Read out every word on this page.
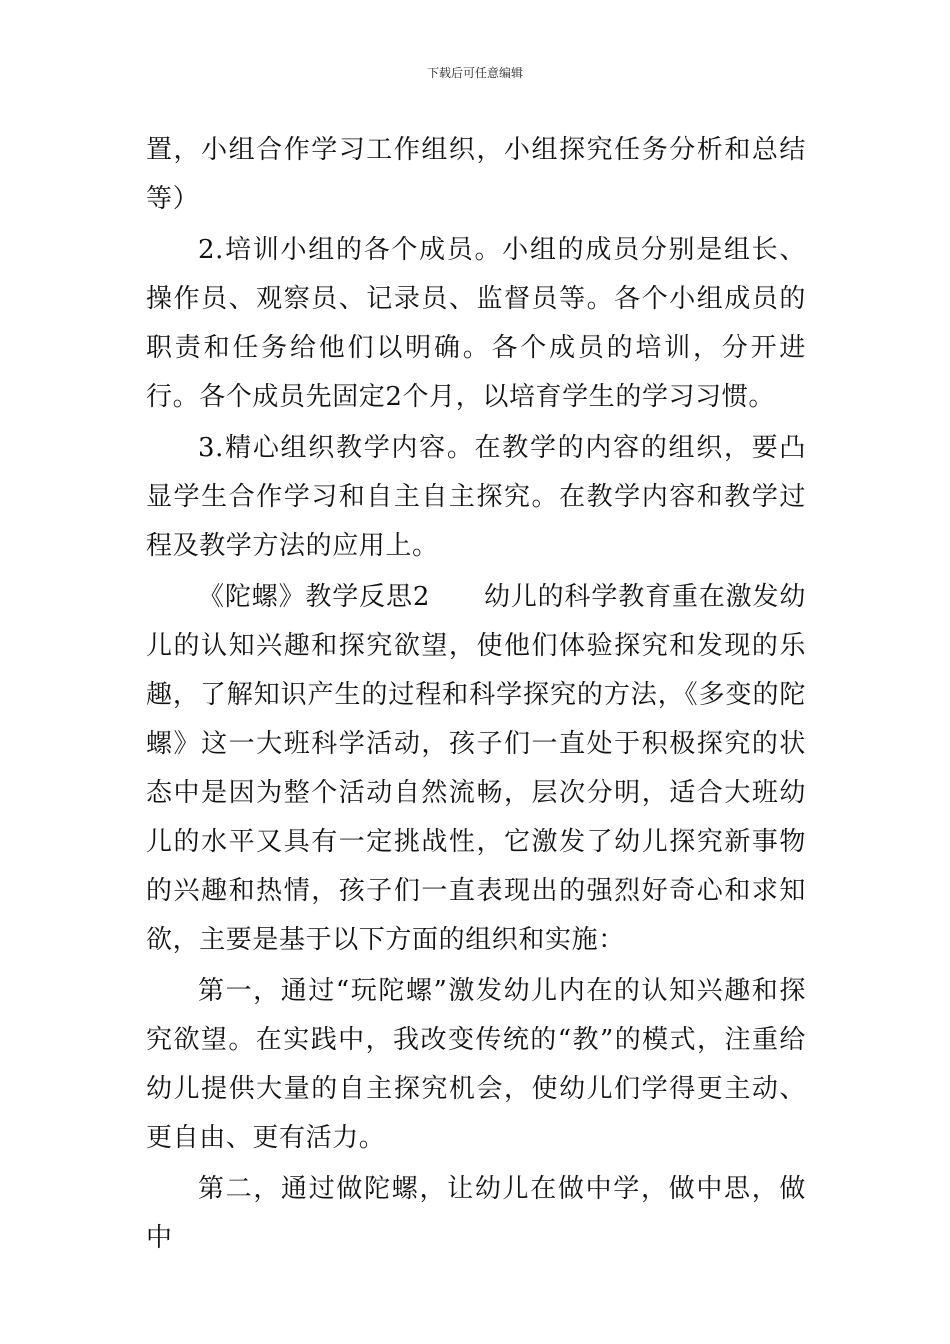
下载后可任意编辑

置，小组合作学习工作组织，小组探究任务分析和总结等）

2.培训小组的各个成员。小组的成员分别是组长、操作员、观察员、记录员、监督员等。各个小组成员的职责和任务给他们以明确。各个成员的培训，分开进行。各个成员先固定2个月，以培育学生的学习习惯。

3.精心组织教学内容。在教学的内容的组织，要凸显学生合作学习和自主自主探究。在教学内容和教学过程及教学方法的应用上。

《陀螺》教学反思2　　幼儿的科学教育重在激发幼儿的认知兴趣和探究欲望，使他们体验探究和发现的乐趣，了解知识产生的过程和科学探究的方法，《多变的陀螺》这一大班科学活动，孩子们一直处于积极探究的状态中是因为整个活动自然流畅，层次分明，适合大班幼儿的水平又具有一定挑战性，它激发了幼儿探究新事物的兴趣和热情，孩子们一直表现出的强烈好奇心和求知欲，主要是基于以下方面的组织和实施：

第一，通过“玩陀螺”激发幼儿内在的认知兴趣和探究欲望。在实践中，我改变传统的“教”的模式，注重给幼儿提供大量的自主探究机会，使幼儿们学得更主动、更自由、更有活力。

第二，通过做陀螺，让幼儿在做中学，做中思，做中
